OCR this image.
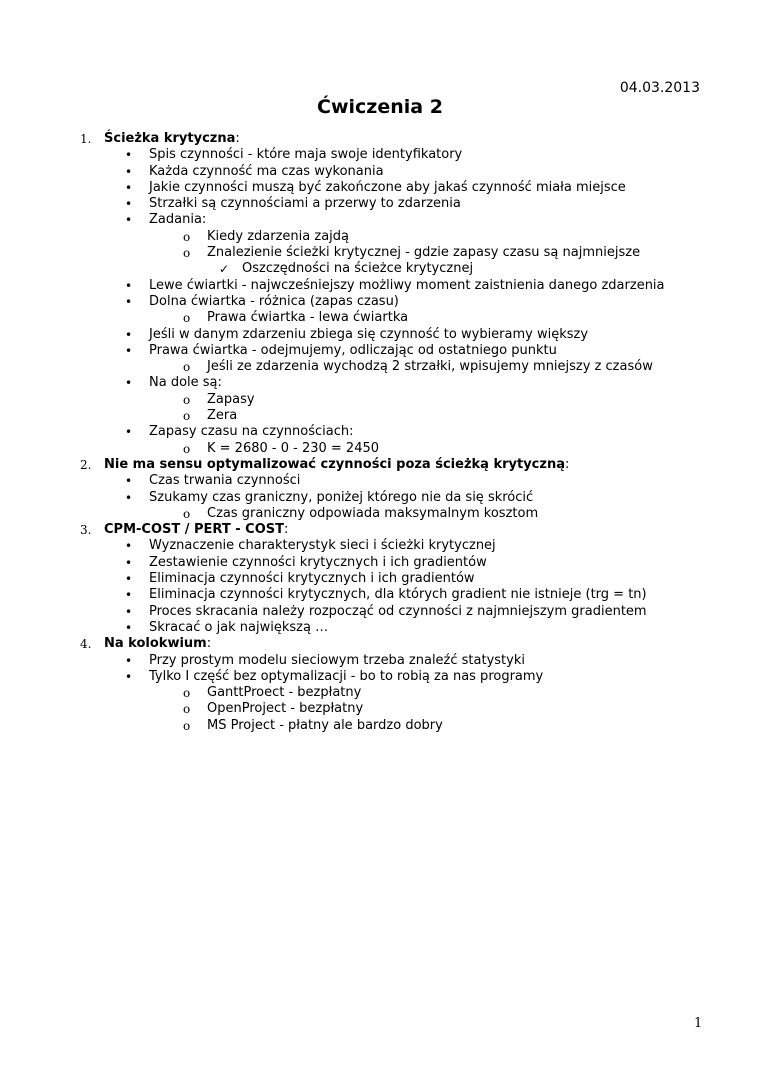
04.03.2013
Ćwiczenia 2
1. Ścieżka krytyczna:
• Spis czynności - które maja swoje identyfikatory
• Każda czynność ma czas wykonania
• Jakie czynności muszą być zakończone aby jakaś czynność miała miejsce
• Strzałki są czynnościami a przerwy to zdarzenia
• Zadania:
o Kiedy zdarzenia zajdą
o Znalezienie ścieżki krytycznej - gdzie zapasy czasu są najmniejsze
✓ Oszczędności na ścieżce krytycznej
• Lewe ćwiartki - najwcześniejszy możliwy moment zaistnienia danego zdarzenia
• Dolna ćwiartka - różnica (zapas czasu)
o Prawa ćwiartka - lewa ćwiartka
• Jeśli w danym zdarzeniu zbiega się czynność to wybieramy większy
• Prawa ćwiartka - odejmujemy, odliczając od ostatniego punktu
o Jeśli ze zdarzenia wychodzą 2 strzałki, wpisujemy mniejszy z czasów
• Na dole są:
o Zapasy
o Zera
• Zapasy czasu na czynnościach:
o K = 2680 - 0 - 230 = 2450
2. Nie ma sensu optymalizować czynności poza ścieżką krytyczną:
• Czas trwania czynności
• Szukamy czas graniczny, poniżej którego nie da się skrócić
o Czas graniczny odpowiada maksymalnym kosztom
3. CPM-COST / PERT - COST:
• Wyznaczenie charakterystyk sieci i ścieżki krytycznej
• Zestawienie czynności krytycznych i ich gradientów
• Eliminacja czynności krytycznych i ich gradientów
• Eliminacja czynności krytycznych, dla których gradient nie istnieje (trg = tn)
• Proces skracania należy rozpocząć od czynności z najmniejszym gradientem
• Skracać o jak największą …
4. Na kolokwium:
• Przy prostym modelu sieciowym trzeba znaleźć statystyki
• Tylko I część bez optymalizacji - bo to robią za nas programy
o GanttProect - bezpłatny
o OpenProject - bezpłatny
o MS Project - płatny ale bardzo dobry
1
